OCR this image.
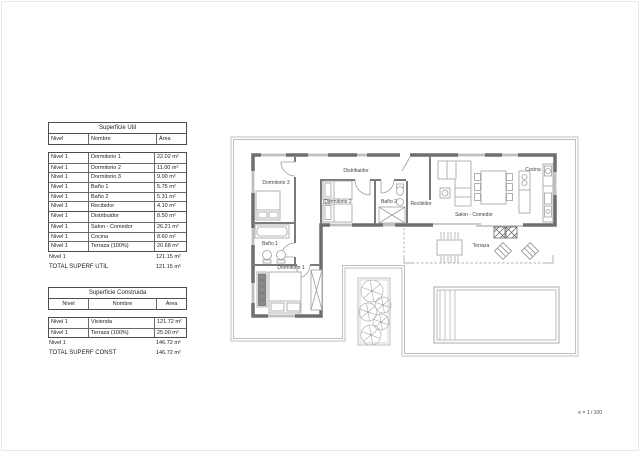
Dormitorio 3
Distribuidor
Dormitorio 2	Baño 2	Recibidor
Cocina
Salon - Comedor
Baño 1
Dormitorio 1
Terraza
Superficie Util
Nivel	Nombre	Área
Nivel 1	Dormitorio 1	22.02 m²
Nivel 1	Dormitorio 2	11.00 m²
Nivel 1	Dormitorio 3	9.00 m²
Nivel 1	Baño 1	5.75 m²
Nivel 1	Baño 2	5.31 m²
Nivel 1	Recibidor	4.10 m²
Nivel 1	Distribuidor	8.50 m²
Nivel 1	Salon - Comedor	26.21 m²
Nivel 1	Cocina	8.60 m²
Nivel 1	Terraza (100%)	20.68 m²
Nivel 1	121.15 m²
TOTAL SUPERF UTIL	121.15 m²
Superficie Construida
Nivel	Nombre	Área
Nivel 1	Vivienda	121.72 m²
Nivel 1	Terraza (100%)	25.00 m²
Nivel 1	146.72 m²
TOTAL SUPERF CONST	146.72 m²
e = 1 / 100
